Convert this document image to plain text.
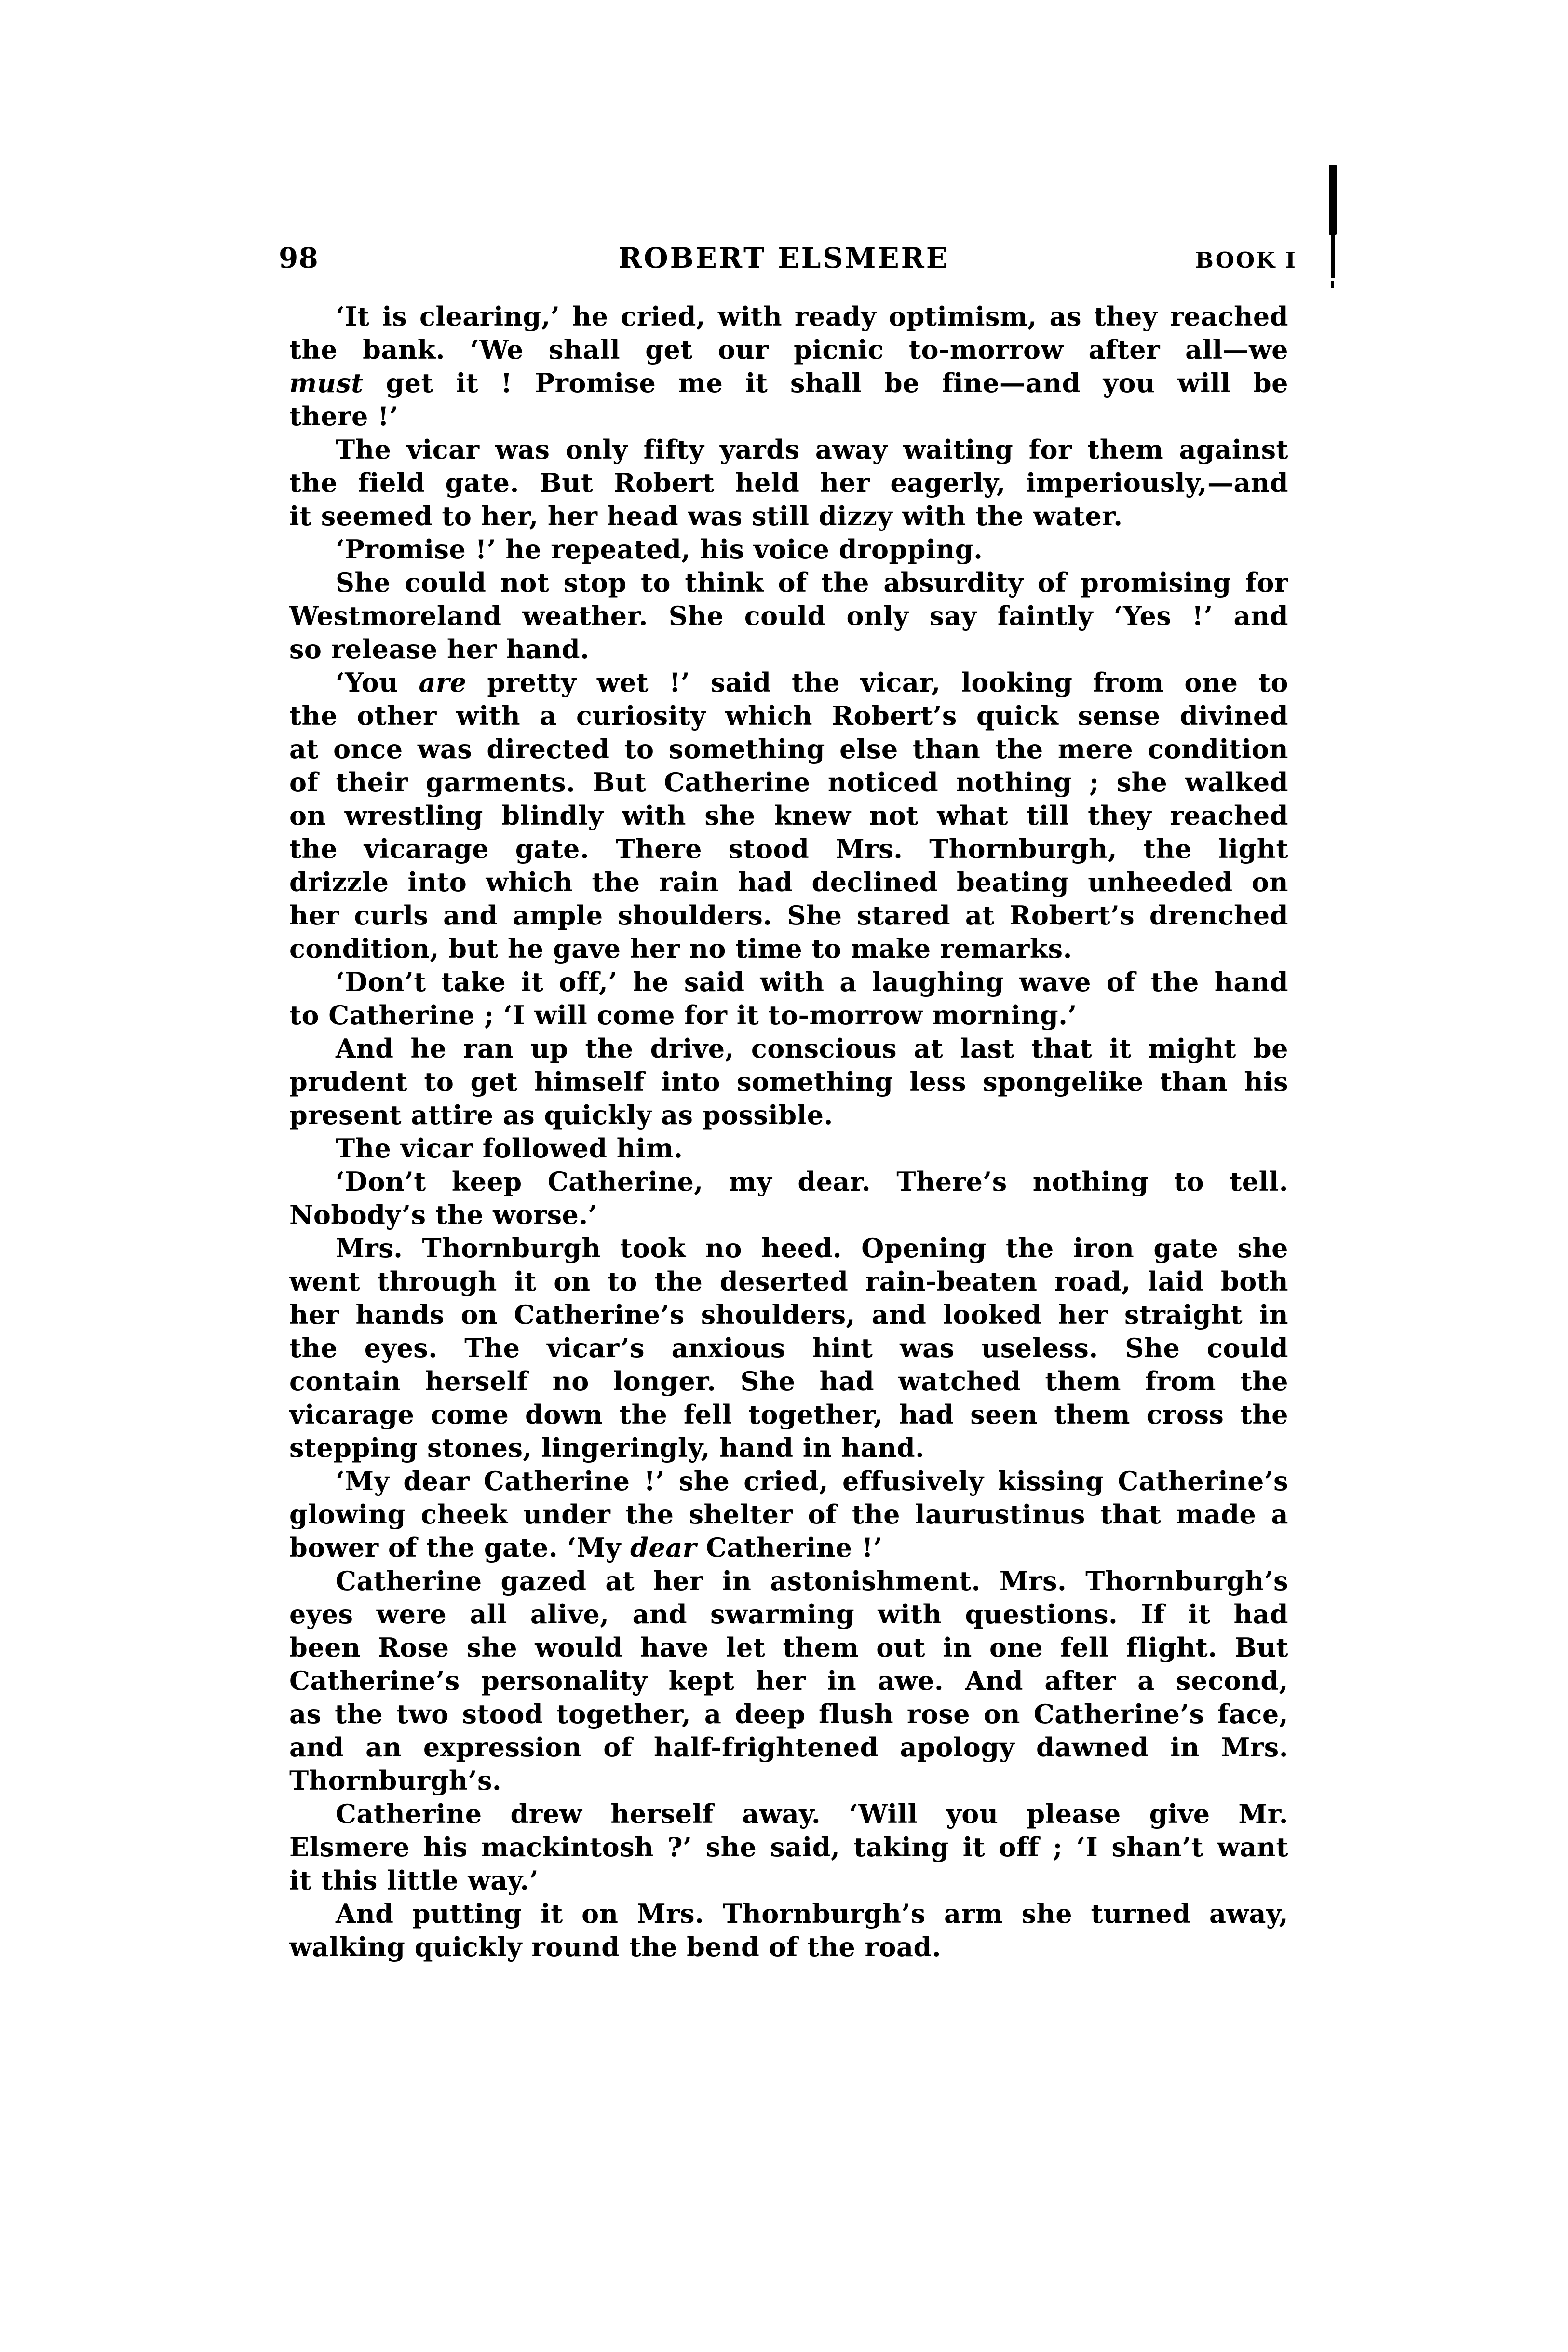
98	ROBERT ELSMERE	BOOK I
‘It is clearing,’ he cried, with ready optimism, as they reached
the bank. ‘We shall get our picnic to-morrow after all—we
must get it ! Promise me it shall be fine—and you will be
there !’
The vicar was only fifty yards away waiting for them against
the field gate. But Robert held her eagerly, imperiously,—and
it seemed to her, her head was still dizzy with the water.
‘Promise !’ he repeated, his voice dropping.
She could not stop to think of the absurdity of promising for
Westmoreland weather. She could only say faintly ‘Yes !’ and
so release her hand.
‘You are pretty wet !’ said the vicar, looking from one to
the other with a curiosity which Robert’s quick sense divined
at once was directed to something else than the mere condition
of their garments. But Catherine noticed nothing ; she walked
on wrestling blindly with she knew not what till they reached
the vicarage gate. There stood Mrs. Thornburgh, the light
drizzle into which the rain had declined beating unheeded on
her curls and ample shoulders. She stared at Robert’s drenched
condition, but he gave her no time to make remarks.
‘Don’t take it off,’ he said with a laughing wave of the hand
to Catherine ; ‘I will come for it to-morrow morning.’
And he ran up the drive, conscious at last that it might be
prudent to get himself into something less spongelike than his
present attire as quickly as possible.
The vicar followed him.
‘Don’t keep Catherine, my dear. There’s nothing to tell.
Nobody’s the worse.’
Mrs. Thornburgh took no heed. Opening the iron gate she
went through it on to the deserted rain-beaten road, laid both
her hands on Catherine’s shoulders, and looked her straight in
the eyes. The vicar’s anxious hint was useless. She could
contain herself no longer. She had watched them from the
vicarage come down the fell together, had seen them cross the
stepping stones, lingeringly, hand in hand.
‘My dear Catherine !’ she cried, effusively kissing Catherine’s
glowing cheek under the shelter of the laurustinus that made a
bower of the gate. ‘My dear Catherine !’
Catherine gazed at her in astonishment. Mrs. Thornburgh’s
eyes were all alive, and swarming with questions. If it had
been Rose she would have let them out in one fell flight. But
Catherine’s personality kept her in awe. And after a second,
as the two stood together, a deep flush rose on Catherine’s face,
and an expression of half-frightened apology dawned in Mrs.
Thornburgh’s.
Catherine drew herself away. ‘Will you please give Mr.
Elsmere his mackintosh ?’ she said, taking it off ; ‘I shan’t want
it this little way.’
And putting it on Mrs. Thornburgh’s arm she turned away,
walking quickly round the bend of the road.
